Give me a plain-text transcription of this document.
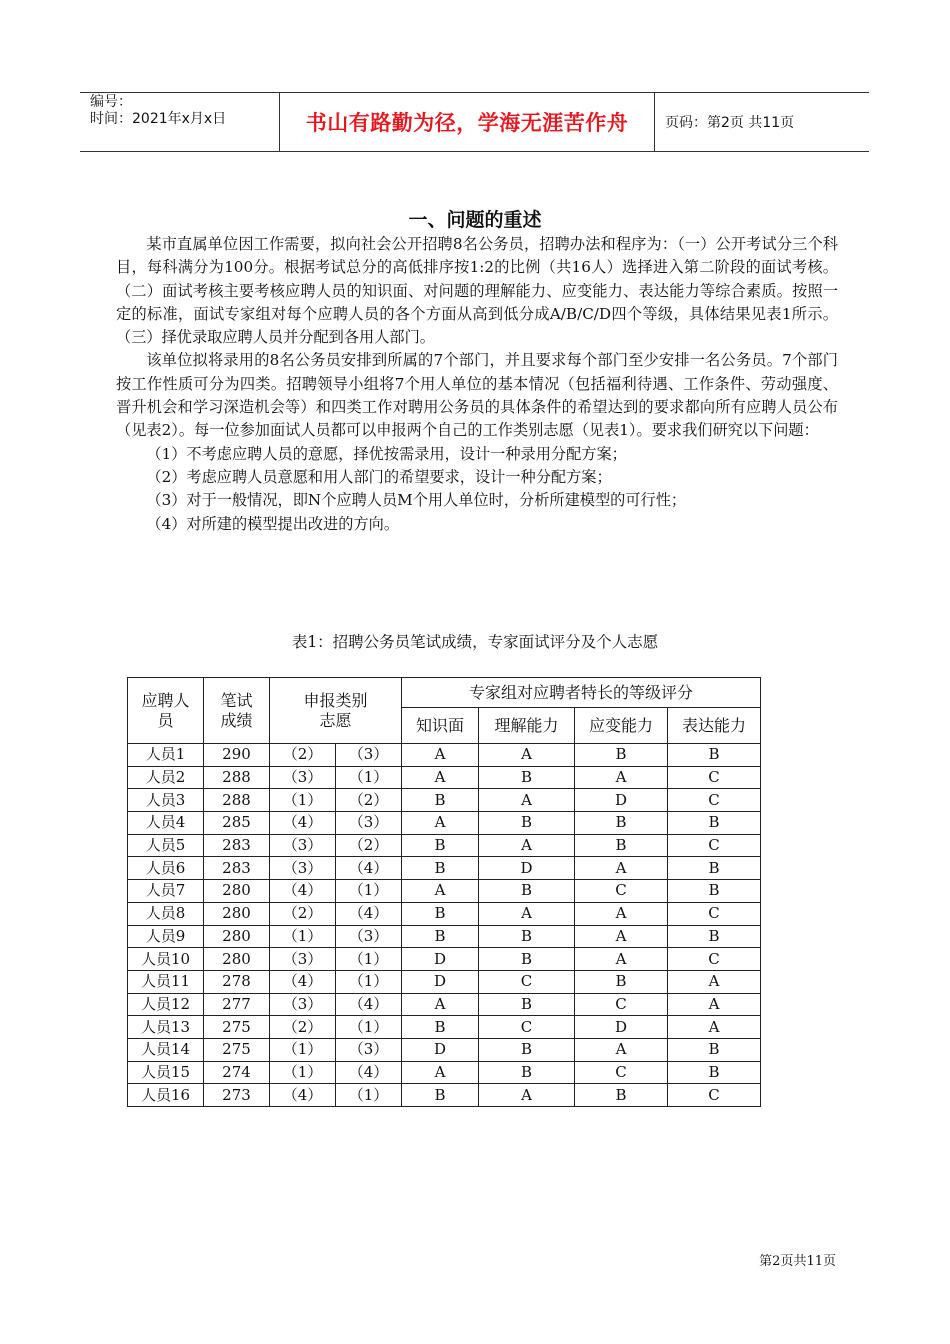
编号：
时间：2021年x月x日	书山有路勤为径，学海无涯苦作舟	页码：第2页 共11页
一、问题的重述

某市直属单位因工作需要，拟向社会公开招聘8名公务员，招聘办法和程序为：（一）公开考试分三个科目，每科满分为100分。根据考试总分的高低排序按1:2的比例（共16人）选择进入第二阶段的面试考核。（二）面试考核主要考核应聘人员的知识面、对问题的理解能力、应变能力、表达能力等综合素质。按照一定的标准，面试专家组对每个应聘人员的各个方面从高到低分成A/B/C/D四个等级，具体结果见表1所示。（三）择优录取应聘人员并分配到各用人部门。

该单位拟将录用的8名公务员安排到所属的7个部门，并且要求每个部门至少安排一名公务员。7个部门按工作性质可分为四类。招聘领导小组将7个用人单位的基本情况（包括福利待遇、工作条件、劳动强度、晋升机会和学习深造机会等）和四类工作对聘用公务员的具体条件的希望达到的要求都向所有应聘人员公布（见表2）。每一位参加面试人员都可以申报两个自己的工作类别志愿（见表1）。要求我们研究以下问题：

（1）不考虑应聘人员的意愿，择优按需录用，设计一种录用分配方案；

（2）考虑应聘人员意愿和用人部门的希望要求，设计一种分配方案；

（3）对于一般情况，即N个应聘人员M个用人单位时，分析所建模型的可行性；

（4）对所建的模型提出改进的方向。

表1：招聘公务员笔试成绩，专家面试评分及个人志愿
应聘人员	笔试成绩	申报类别志愿		专家组对应聘者特长的等级评分			
				知识面	理解能力	应变能力	表达能力
人员1	290	（2）	（3）	A	A	B	B
人员2	288	（3）	（1）	A	B	A	C
人员3	288	（1）	（2）	B	A	D	C
人员4	285	（4）	（3）	A	B	B	B
人员5	283	（3）	（2）	B	A	B	C
人员6	283	（3）	（4）	B	D	A	B
人员7	280	（4）	（1）	A	B	C	B
人员8	280	（2）	（4）	B	A	A	C
人员9	280	（1）	（3）	B	B	A	B
人员10	280	（3）	（1）	D	B	A	C
人员11	278	（4）	（1）	D	C	B	A
人员12	277	（3）	（4）	A	B	C	A
人员13	275	（2）	（1）	B	C	D	A
人员14	275	（1）	（3）	D	B	A	B
人员15	274	（1）	（4）	A	B	C	B
人员16	273	（4）	（1）	B	A	B	C
第2页共11页
